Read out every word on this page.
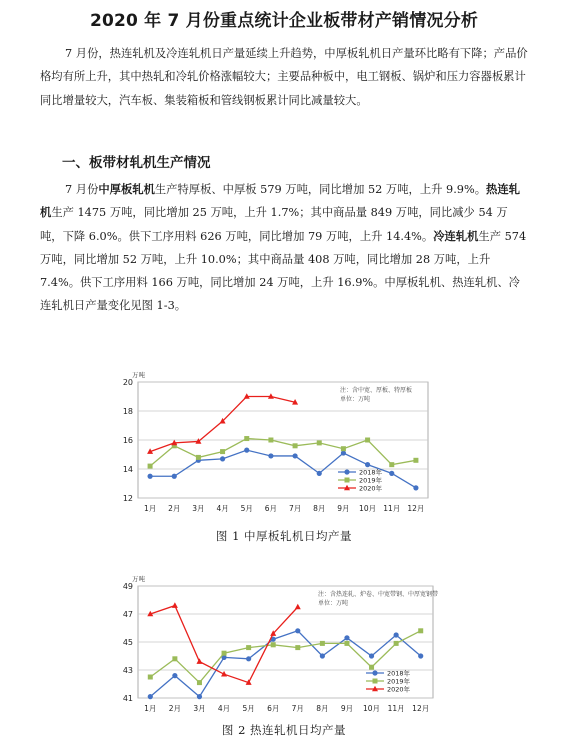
2020 年 7 月份重点统计企业板带材产销情况分析

7 月份，热连轧机及冷连轧机日产量延续上升趋势，中厚板轧机日产量环比略有下降；产品价格均有所上升，其中热轧和冷轧价格涨幅较大；主要品种板中，电工钢板、锅炉和压力容器板累计同比增量较大，汽车板、集装箱板和管线钢板累计同比减量较大。

一、板带材轧机生产情况

7 月份中厚板轧机生产特厚板、中厚板 579 万吨，同比增加 52 万吨，上升 9.9%。热连轧机生产 1475 万吨，同比增加 25 万吨，上升 1.7%；其中商品量 849 万吨，同比减少 54 万吨，下降 6.0%。供下工序用料 626 万吨，同比增加 79 万吨，上升 14.4%。冷连轧机生产 574 万吨，同比增加 52 万吨，上升 10.0%；其中商品量 408 万吨，同比增加 28 万吨，上升 7.4%。供下工序用料 166 万吨，同比增加 24 万吨，上升 16.9%。中厚板轧机、热连轧机、冷连轧机日产量变化见图 1-3。

12
14
16
18
20
万吨
注：含中宽、厚板、特厚板
单位：万吨
1月 2月 3月 4月 5月 6月 7月 8月 9月 10月 11月 12月
2018年
2019年
2020年
图 1 中厚板轧机日均产量
41
43
45
47
49
万吨
注：含热连轧、炉卷、中宽带钢、中厚宽钢带
单位：万吨
1月 2月 3月 4月 5月 6月 7月 8月 9月 10月 11月 12月
2018年
2019年
2020年
图 2 热连轧机日均产量
